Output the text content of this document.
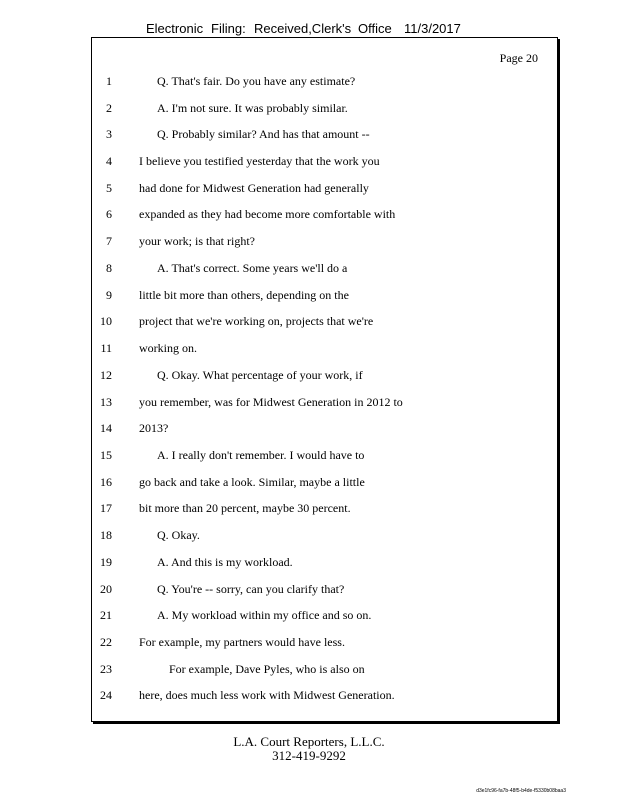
Electronic Filing: Received,Clerk's Office 11/3/2017
Page 20
1	Q. That's fair. Do you have any estimate?
2	A. I'm not sure. It was probably similar.
3	Q. Probably similar? And has that amount --
4 I believe you testified yesterday that the work you
5 had done for Midwest Generation had generally
6 expanded as they had become more comfortable with
7 your work; is that right?
8	A. That's correct. Some years we'll do a
9 little bit more than others, depending on the
10 project that we're working on, projects that we're
11 working on.
12	Q. Okay. What percentage of your work, if
13 you remember, was for Midwest Generation in 2012 to
14 2013?
15	A. I really don't remember. I would have to
16 go back and take a look. Similar, maybe a little
17 bit more than 20 percent, maybe 30 percent.
18	Q. Okay.
19	A. And this is my workload.
20	Q. You're -- sorry, can you clarify that?
21	A. My workload within my office and so on.
22 For example, my partners would have less.
23	For example, Dave Pyles, who is also on
24 here, does much less work with Midwest Generation.
L.A. Court Reporters, L.L.C.
312-419-9292
d3e1fc96-fa7b-48f5-b4de-f5330b08baa3
